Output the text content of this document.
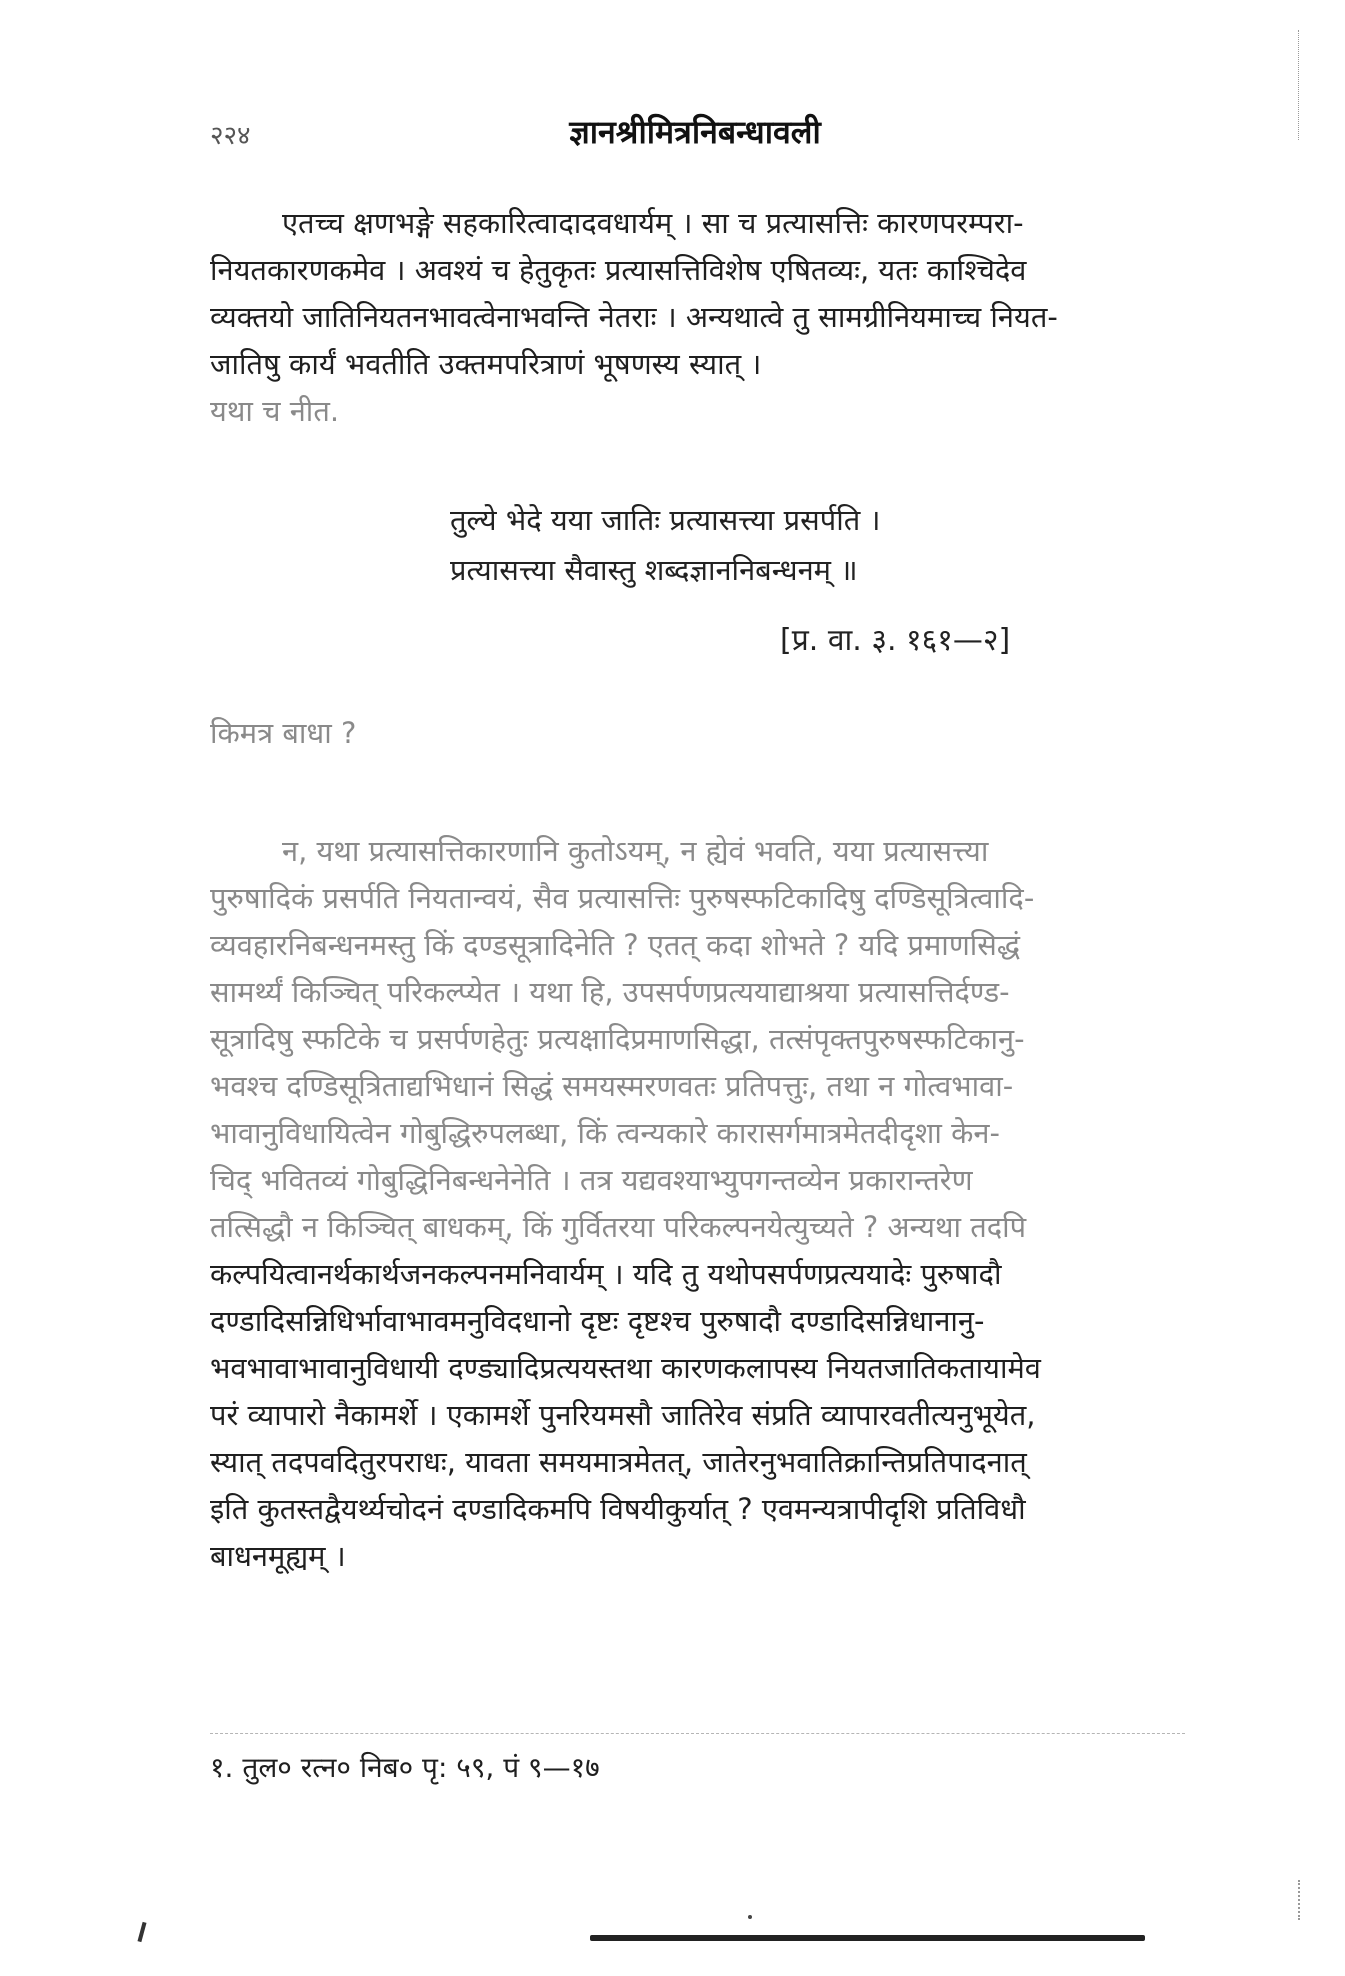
२२४	ज्ञानश्रीमित्रनिबन्धावली

एतच्च क्षणभङ्गे सहकारित्वादादवधार्यम् । सा च प्रत्यासत्तिः कारणपरम्परा-

नियतकारणकमेव । अवश्यं च हेतुकृतः प्रत्यासत्तिविशेष एषितव्यः, यतः काश्चिदेव

व्यक्तयो जातिनियतनभावत्वेनाभवन्ति नेतराः । अन्यथात्वे तु सामग्रीनियमाच्च नियत-

जातिषु कार्यं भवतीति उक्तमपरित्राणं भूषणस्य स्यात् ।

यथा च नीत.

तुल्ये भेदे यया जातिः प्रत्यासत्त्या प्रसर्पति ।
प्रत्यासत्त्या सैवास्तु शब्दज्ञाननिबन्धनम् ॥
[प्र. वा. ३. १६१—२]
किमत्र बाधा ?

न, यथा प्रत्यासत्तिकारणानि कुतोऽयम्, न ह्येवं भवति, यया प्रत्यासत्त्या

पुरुषादिकं प्रसर्पति नियतान्वयं, सैव प्रत्यासत्तिः पुरुषस्फटिकादिषु दण्डिसूत्रित्वादि-

व्यवहारनिबन्धनमस्तु किं दण्डसूत्रादिनेति ? एतत् कदा शोभते ? यदि प्रमाणसिद्धं

सामर्थ्यं किञ्चित् परिकल्प्येत । यथा हि, उपसर्पणप्रत्ययाद्याश्रया प्रत्यासत्तिर्दण्ड-

सूत्रादिषु स्फटिके च प्रसर्पणहेतुः प्रत्यक्षादिप्रमाणसिद्धा, तत्संपृक्तपुरुषस्फटिकानु-

भवश्च दण्डिसूत्रिताद्यभिधानं सिद्धं समयस्मरणवतः प्रतिपत्तुः, तथा न गोत्वभावा-

भावानुविधायित्वेन गोबुद्धिरुपलब्धा, किं त्वन्यकारे कारासर्गमात्रमेतदीदृशा केन-

चिद् भवितव्यं गोबुद्धिनिबन्धनेनेति । तत्र यद्यवश्याभ्युपगन्तव्येन प्रकारान्तरेण

तत्सिद्धौ न किञ्चित् बाधकम्, किं गुर्वितरया परिकल्पनयेत्युच्यते ? अन्यथा तदपि

कल्पयित्वानर्थकार्थजनकल्पनमनिवार्यम् । यदि तु यथोपसर्पणप्रत्ययादेः पुरुषादौ

दण्डादिसन्निधिर्भावाभावमनुविदधानो दृष्टः दृष्टश्च पुरुषादौ दण्डादिसन्निधानानु-

भवभावाभावानुविधायी दण्ड्यादिप्रत्ययस्तथा कारणकलापस्य नियतजातिकतायामेव

परं व्यापारो नैकामर्शे । एकामर्शे पुनरियमसौ जातिरेव संप्रति व्यापारवतीत्यनुभूयेत,

स्यात् तदपवदितुरपराधः, यावता समयमात्रमेतत्, जातेरनुभवातिक्रान्तिप्रतिपादनात्

इति कुतस्तद्वैयर्थ्यचोदनं दण्डादिकमपि विषयीकुर्यात् ? एवमन्यत्रापीदृशि प्रतिविधौ

बाधनमूह्यम् ।

१. तुल० रत्न० निब० पृ: ५९, पं ९—१७
